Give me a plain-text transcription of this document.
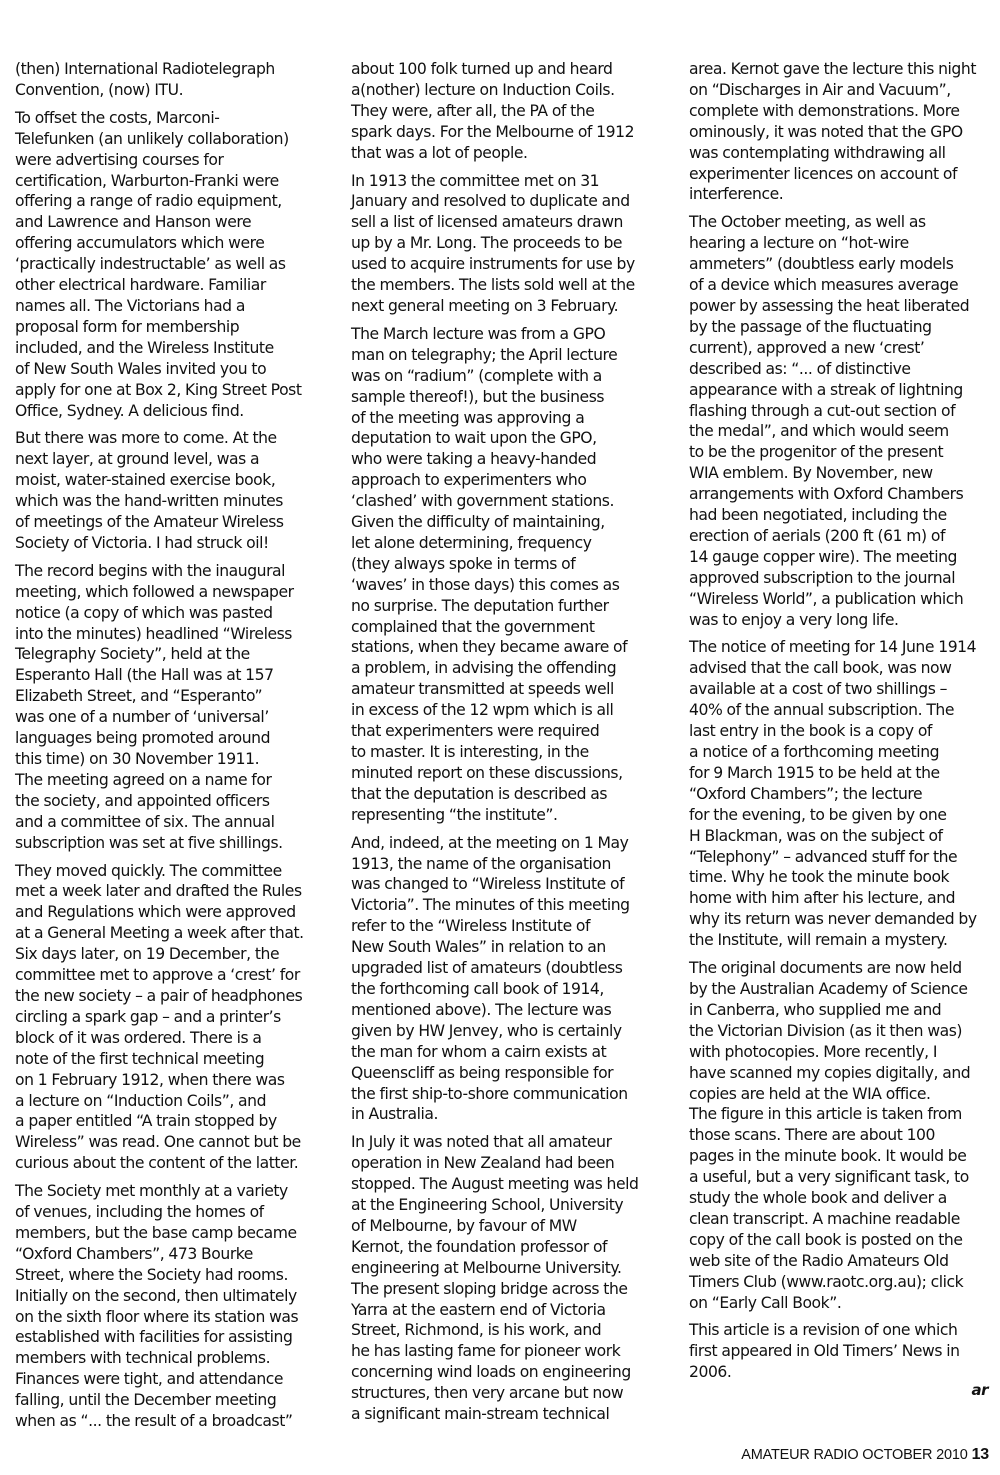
(then) International Radiotelegraph
Convention, (now) ITU.

To offset the costs, Marconi-
Telefunken (an unlikely collaboration)
were advertising courses for
certification, Warburton-Franki were
offering a range of radio equipment,
and Lawrence and Hanson were
offering accumulators which were
‘practically indestructable’ as well as
other electrical hardware. Familiar
names all. The Victorians had a
proposal form for membership
included, and the Wireless Institute
of New South Wales invited you to
apply for one at Box 2, King Street Post
Office, Sydney. A delicious find.

But there was more to come. At the
next layer, at ground level, was a
moist, water-stained exercise book,
which was the hand-written minutes
of meetings of the Amateur Wireless
Society of Victoria. I had struck oil!

The record begins with the inaugural
meeting, which followed a newspaper
notice (a copy of which was pasted
into the minutes) headlined “Wireless
Telegraphy Society”, held at the
Esperanto Hall (the Hall was at 157
Elizabeth Street, and “Esperanto”
was one of a number of ‘universal’
languages being promoted around
this time) on 30 November 1911.
The meeting agreed on a name for
the society, and appointed officers
and a committee of six. The annual
subscription was set at five shillings.

They moved quickly. The committee
met a week later and drafted the Rules
and Regulations which were approved
at a General Meeting a week after that.
Six days later, on 19 December, the
committee met to approve a ‘crest’ for
the new society – a pair of headphones
circling a spark gap – and a printer’s
block of it was ordered. There is a
note of the first technical meeting
on 1 February 1912, when there was
a lecture on “Induction Coils”, and
a paper entitled “A train stopped by
Wireless” was read. One cannot but be
curious about the content of the latter.

The Society met monthly at a variety
of venues, including the homes of
members, but the base camp became
“Oxford Chambers”, 473 Bourke
Street, where the Society had rooms.
Initially on the second, then ultimately
on the sixth floor where its station was
established with facilities for assisting
members with technical problems.
Finances were tight, and attendance
falling, until the December meeting
when as “... the result of a broadcast”

about 100 folk turned up and heard
a(nother) lecture on Induction Coils.
They were, after all, the PA of the
spark days. For the Melbourne of 1912
that was a lot of people.

In 1913 the committee met on 31
January and resolved to duplicate and
sell a list of licensed amateurs drawn
up by a Mr. Long. The proceeds to be
used to acquire instruments for use by
the members. The lists sold well at the
next general meeting on 3 February.

The March lecture was from a GPO
man on telegraphy; the April lecture
was on “radium” (complete with a
sample thereof!), but the business
of the meeting was approving a
deputation to wait upon the GPO,
who were taking a heavy-handed
approach to experimenters who
‘clashed’ with government stations.
Given the difficulty of maintaining,
let alone determining, frequency
(they always spoke in terms of
‘waves’ in those days) this comes as
no surprise. The deputation further
complained that the government
stations, when they became aware of
a problem, in advising the offending
amateur transmitted at speeds well
in excess of the 12 wpm which is all
that experimenters were required
to master. It is interesting, in the
minuted report on these discussions,
that the deputation is described as
representing “the institute”.

And, indeed, at the meeting on 1 May
1913, the name of the organisation
was changed to “Wireless Institute of
Victoria”. The minutes of this meeting
refer to the “Wireless Institute of
New South Wales” in relation to an
upgraded list of amateurs (doubtless
the forthcoming call book of 1914,
mentioned above). The lecture was
given by HW Jenvey, who is certainly
the man for whom a cairn exists at
Queenscliff as being responsible for
the first ship-to-shore communication
in Australia.

In July it was noted that all amateur
operation in New Zealand had been
stopped. The August meeting was held
at the Engineering School, University
of Melbourne, by favour of MW
Kernot, the foundation professor of
engineering at Melbourne University.
The present sloping bridge across the
Yarra at the eastern end of Victoria
Street, Richmond, is his work, and
he has lasting fame for pioneer work
concerning wind loads on engineering
structures, then very arcane but now
a significant main-stream technical

area. Kernot gave the lecture this night
on “Discharges in Air and Vacuum”,
complete with demonstrations. More
ominously, it was noted that the GPO
was contemplating withdrawing all
experimenter licences on account of
interference.

The October meeting, as well as
hearing a lecture on “hot-wire
ammeters” (doubtless early models
of a device which measures average
power by assessing the heat liberated
by the passage of the fluctuating
current), approved a new ‘crest’
described as: “... of distinctive
appearance with a streak of lightning
flashing through a cut-out section of
the medal”, and which would seem
to be the progenitor of the present
WIA emblem. By November, new
arrangements with Oxford Chambers
had been negotiated, including the
erection of aerials (200 ft (61 m) of
14 gauge copper wire). The meeting
approved subscription to the journal
“Wireless World”, a publication which
was to enjoy a very long life.

The notice of meeting for 14 June 1914
advised that the call book, was now
available at a cost of two shillings –
40% of the annual subscription. The
last entry in the book is a copy of
a notice of a forthcoming meeting
for 9 March 1915 to be held at the
“Oxford Chambers”; the lecture
for the evening, to be given by one
H Blackman, was on the subject of
“Telephony” – advanced stuff for the
time. Why he took the minute book
home with him after his lecture, and
why its return was never demanded by
the Institute, will remain a mystery.

The original documents are now held
by the Australian Academy of Science
in Canberra, who supplied me and
the Victorian Division (as it then was)
with photocopies. More recently, I
have scanned my copies digitally, and
copies are held at the WIA office.
The figure in this article is taken from
those scans. There are about 100
pages in the minute book. It would be
a useful, but a very significant task, to
study the whole book and deliver a
clean transcript. A machine readable
copy of the call book is posted on the
web site of the Radio Amateurs Old
Timers Club (www.raotc.org.au); click
on “Early Call Book”.

This article is a revision of one which
first appeared in Old Timers’ News in
2006.

ar
AMATEUR RADIO OCTOBER 2010 13
